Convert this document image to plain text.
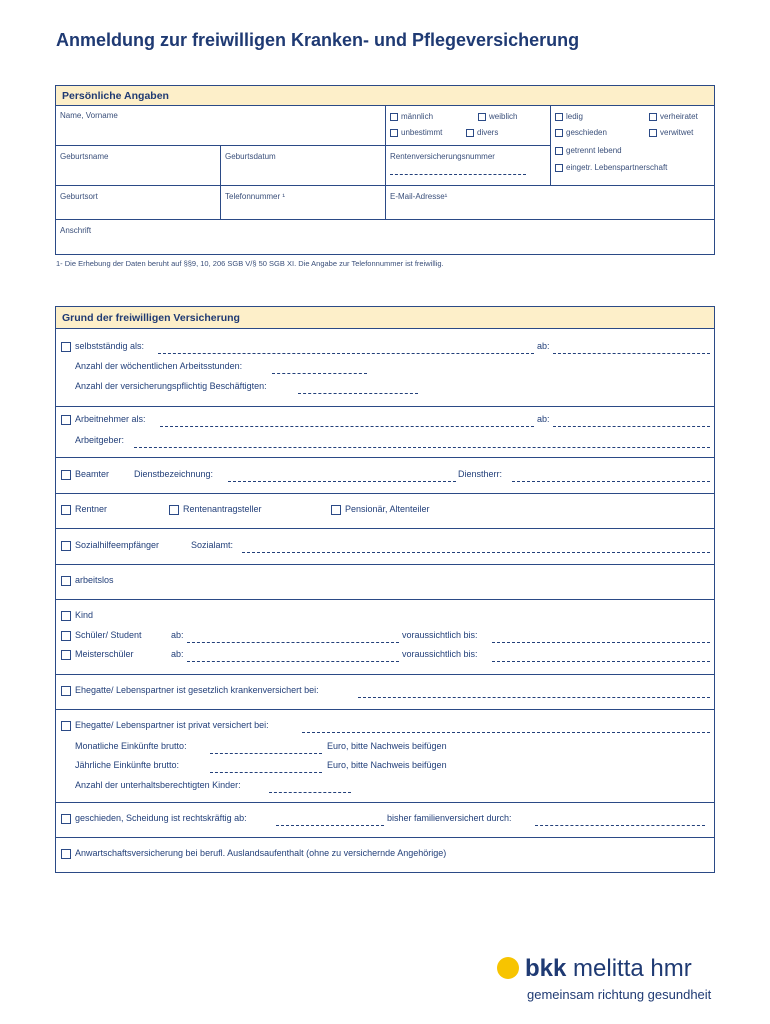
Anmeldung zur freiwilligen Kranken- und Pflegeversicherung
Persönliche Angaben
Name, Vorname	männlich	weiblich
unbestimmt	divers
ledig	verheiratet
geschieden	verwitwet
getrennt lebend
eingetr. Lebenspartnerschaft
Geburtsname	Geburtsdatum	Rentenversicherungsnummer
Geburtsort	Telefonnummer ¹	E-Mail-Adresse¹
Anschrift
1- Die Erhebung der Daten beruht auf §§9, 10, 206 SGB V/§ 50 SGB XI. Die Angabe zur Telefonnummer ist freiwillig.
Grund der freiwilligen Versicherung
selbstständig als:	ab:
Anzahl der wöchentlichen Arbeitsstunden:
Anzahl der versicherungspflichtig Beschäftigten:
Arbeitnehmer als:	ab:
Arbeitgeber:
Beamter	Dienstbezeichnung:	Dienstherr:
Rentner	Rentenantragsteller	Pensionär, Altenteiler
Sozialhilfeempfänger	Sozialamt:
arbeitslos
Kind
Schüler/ Student	ab:	voraussichtlich bis:
Meisterschüler	ab:	voraussichtlich bis:
Ehegatte/ Lebenspartner ist gesetzlich krankenversichert bei:
Ehegatte/ Lebenspartner ist privat versichert bei:
Monatliche Einkünfte brutto:	Euro, bitte Nachweis beifügen
Jährliche Einkünfte brutto:	Euro, bitte Nachweis beifügen
Anzahl der unterhaltsberechtigten Kinder:
geschieden, Scheidung ist rechtskräftig ab:	bisher familienversichert durch:
Anwartschaftsversicherung bei berufl. Auslandsaufenthalt (ohne zu versichernde Angehörige)
bkk melitta hmr
gemeinsam richtung gesundheit
